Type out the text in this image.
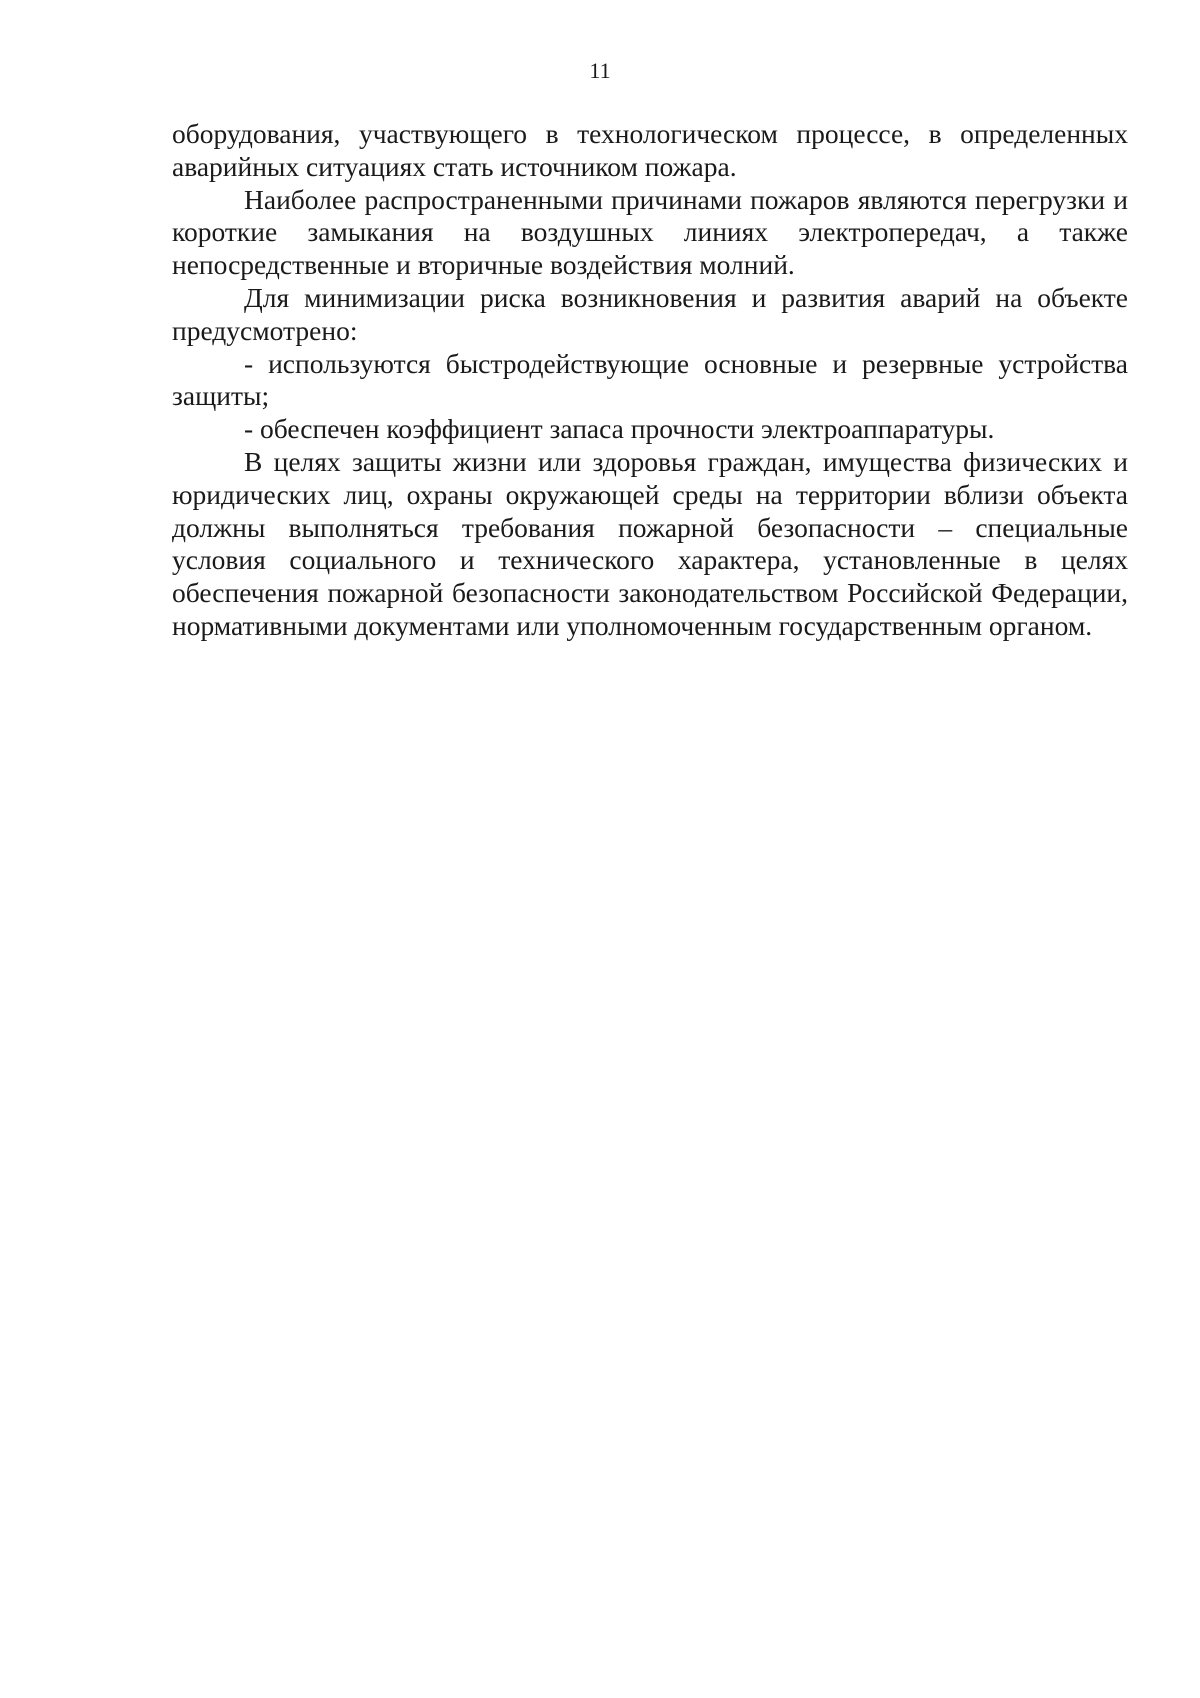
11

оборудования, участвующего в технологическом процессе, в определенных аварийных ситуациях стать источником пожара.

Наиболее распространенными причинами пожаров являются перегрузки и короткие замыкания на воздушных линиях электропередач, а также непосредственные и вторичные воздействия молний.

Для минимизации риска возникновения и развития аварий на объекте предусмотрено:

- используются быстродействующие основные и резервные устройства защиты;

- обеспечен коэффициент запаса прочности электроаппаратуры.

В целях защиты жизни или здоровья граждан, имущества физических и юридических лиц, охраны окружающей среды на территории вблизи объекта должны выполняться требования пожарной безопасности – специальные условия социального и технического характера, установленные в целях обеспечения пожарной безопасности законодательством Российской Федерации, нормативными документами или уполномоченным государственным органом.
